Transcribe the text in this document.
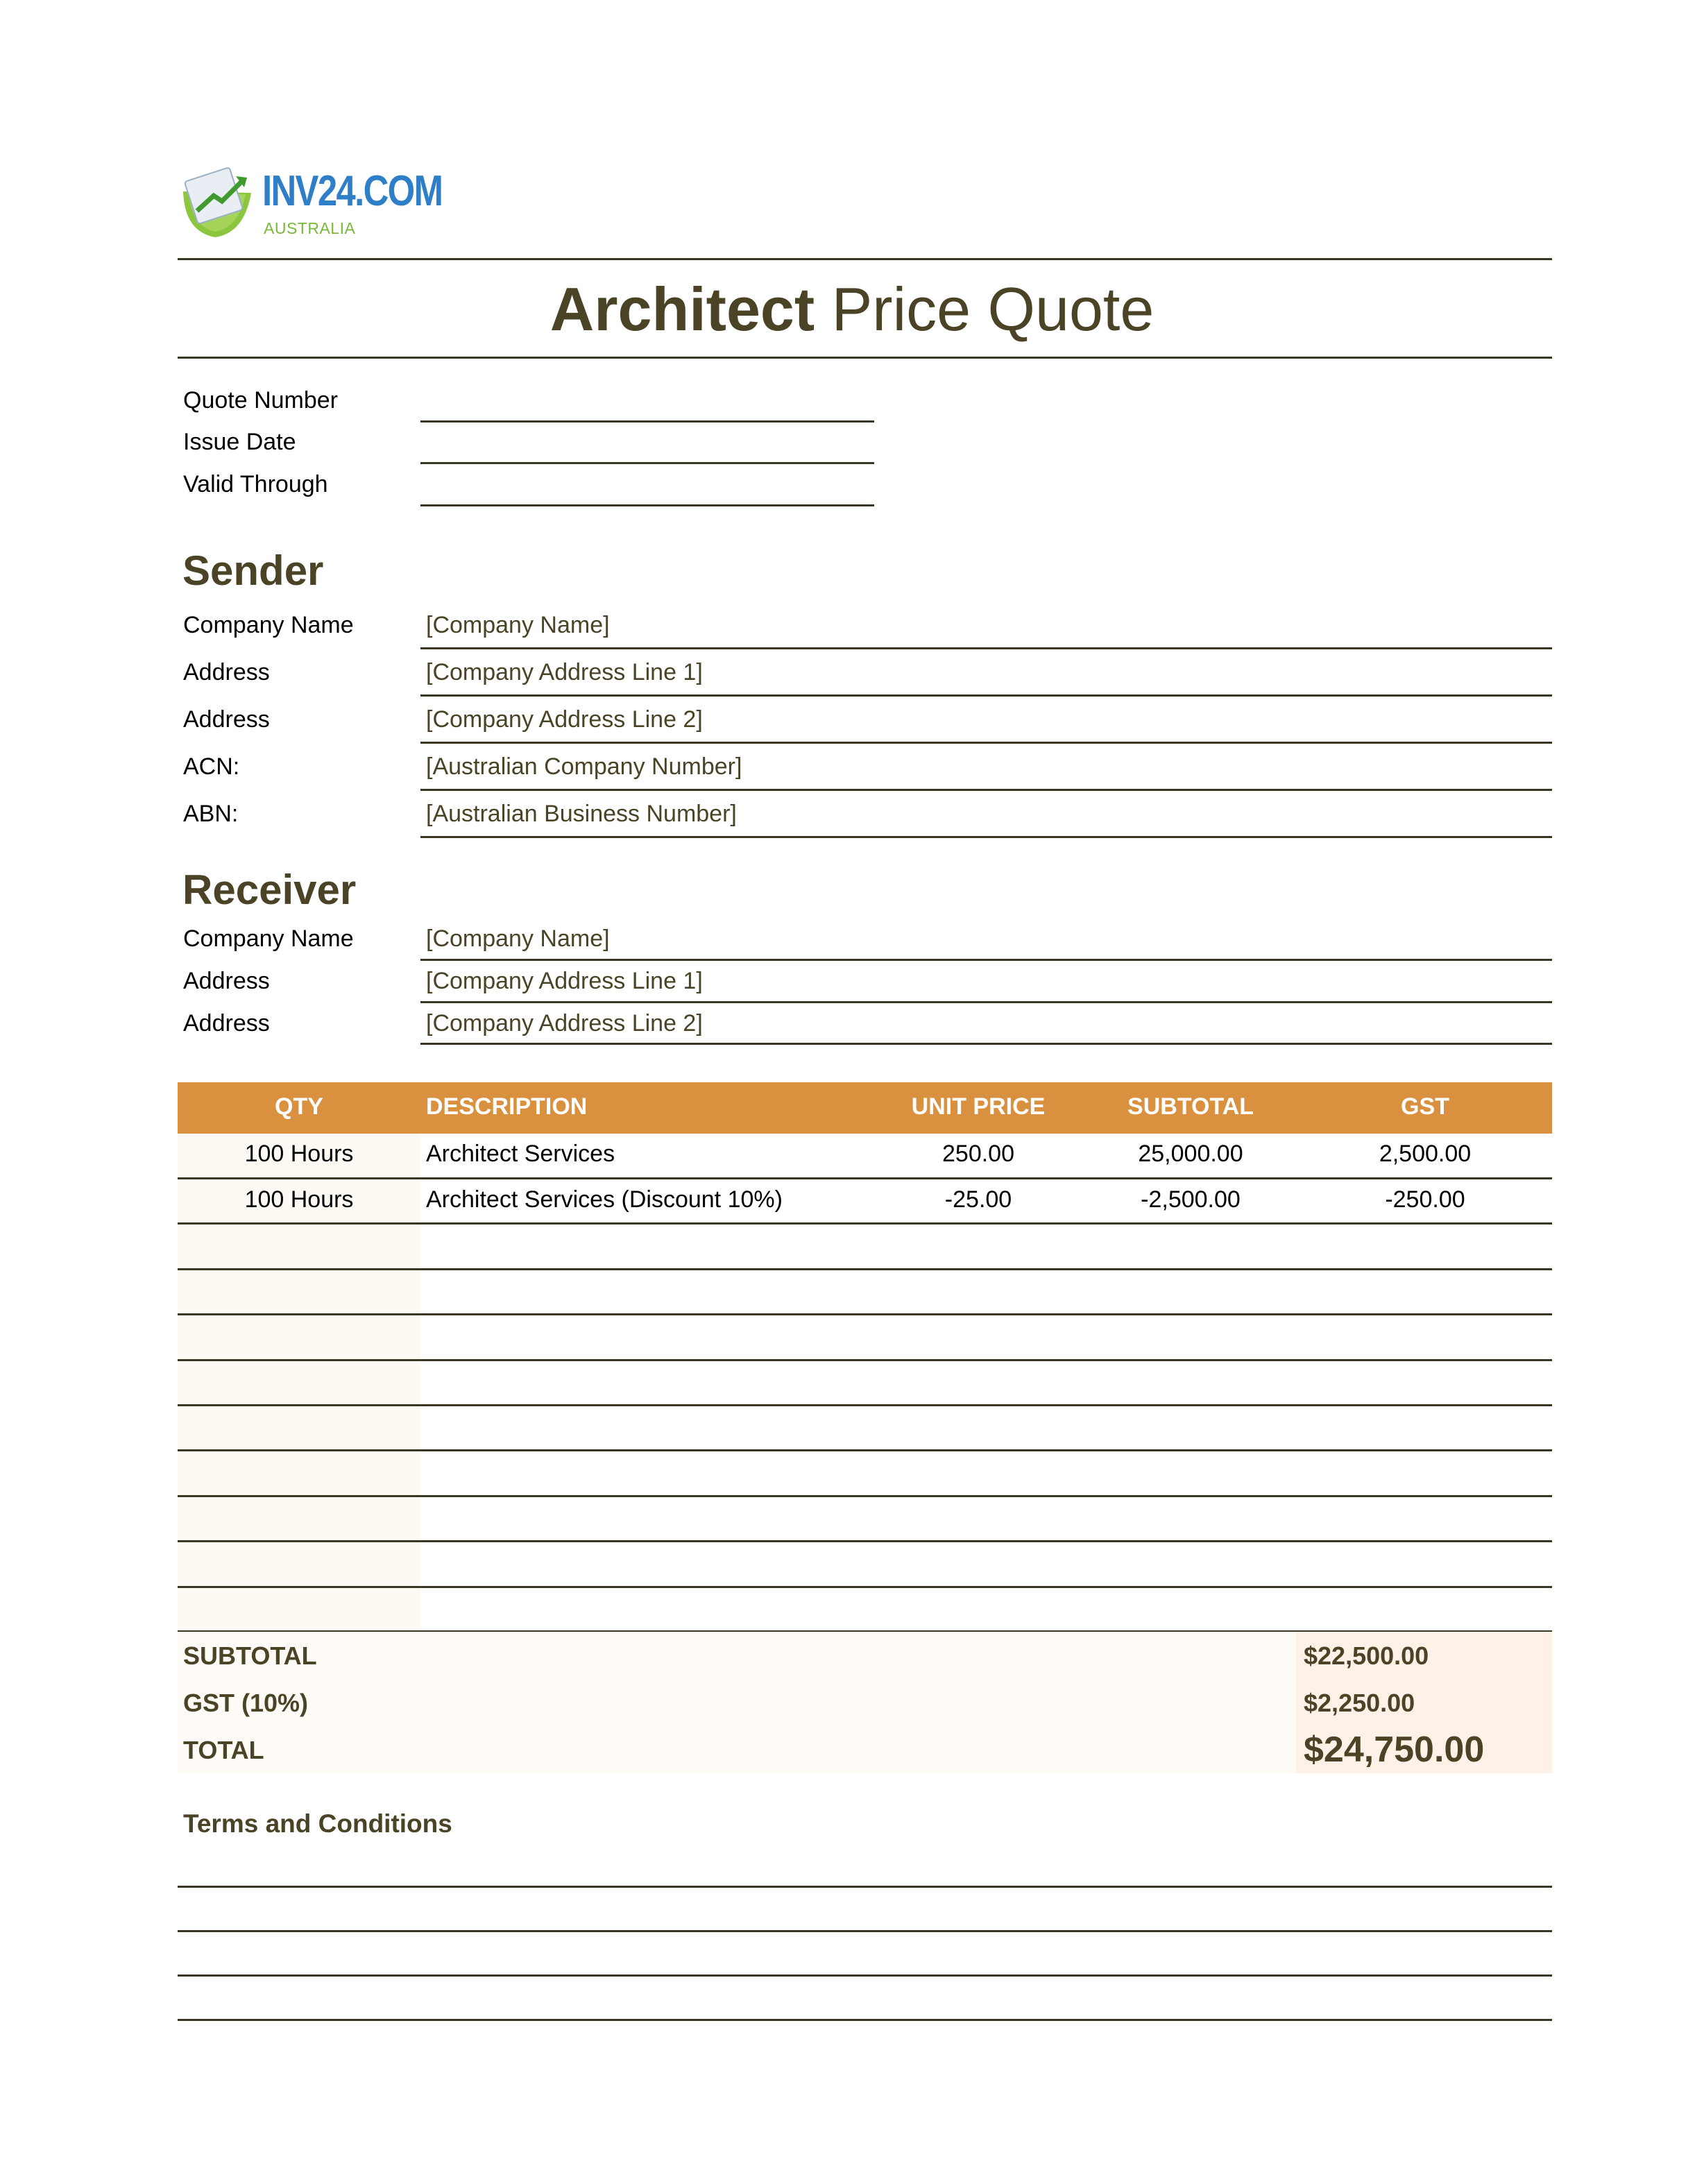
INV24.COM
AUSTRALIA
Architect Price Quote
Quote Number
Issue Date
Valid Through
Sender
Company Name	[Company Name]
Address	[Company Address Line 1]
Address	[Company Address Line 2]
ACN:	[Australian Company Number]
ABN:	[Australian Business Number]
Receiver
Company Name	[Company Name]
Address	[Company Address Line 1]
Address	[Company Address Line 2]
QTY	DESCRIPTION	UNIT PRICE	SUBTOTAL	GST
100 Hours	Architect Services	250.00	25,000.00	2,500.00
100 Hours	Architect Services (Discount 10%)	-25.00	-2,500.00	-250.00
SUBTOTAL	$22,500.00
GST (10%)	$2,250.00
TOTAL	$24,750.00
Terms and Conditions
